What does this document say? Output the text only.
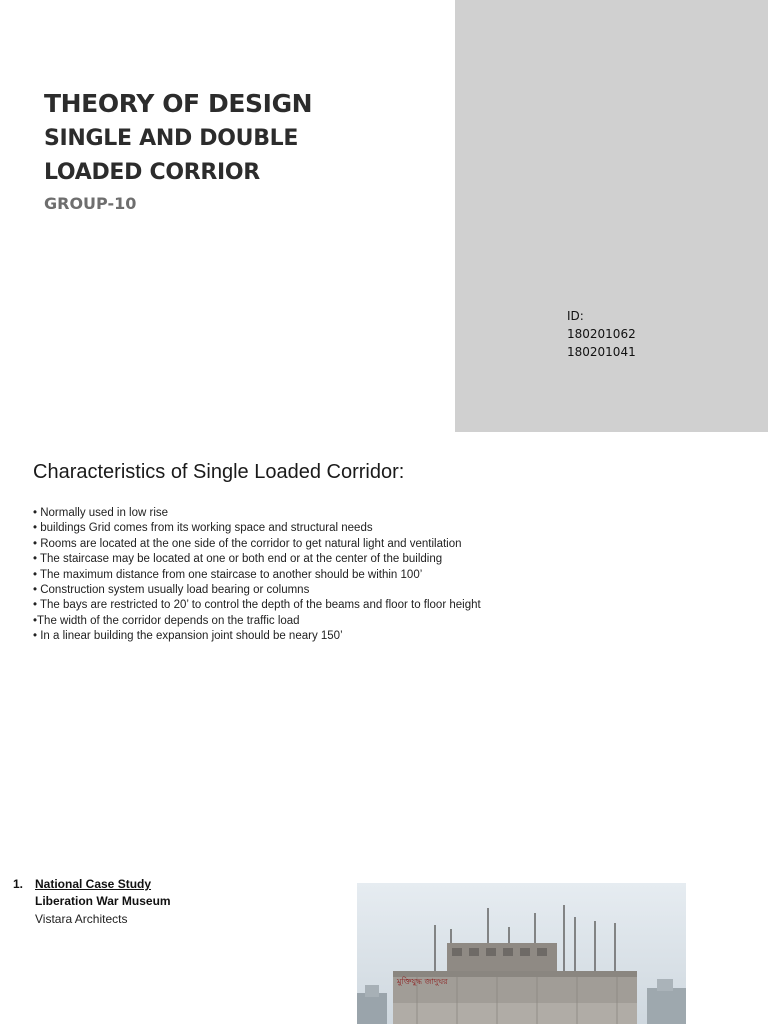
THEORY OF DESIGN

SINGLE AND DOUBLE

LOADED CORRIOR

GROUP-10

ID:
180201062
180201041
Characteristics of Single Loaded Corridor:
• Normally used in low rise
• buildings Grid comes from its working space and structural needs
• Rooms are located at the one side of the corridor to get natural light and ventilation
• The staircase may be located at one or both end or at the center of the building
• The maximum distance from one staircase to another should be within 100’
• Construction system usually load bearing or columns
• The bays are restricted to 20’ to control the depth of the beams and floor to floor height
•The width of the corridor depends on the traffic load
• In a linear building the expansion joint should be neary 150’
1. National Case Study
Liberation War Museum
Vistara Architects
মুক্তিযুদ্ধ জাদুঘর
